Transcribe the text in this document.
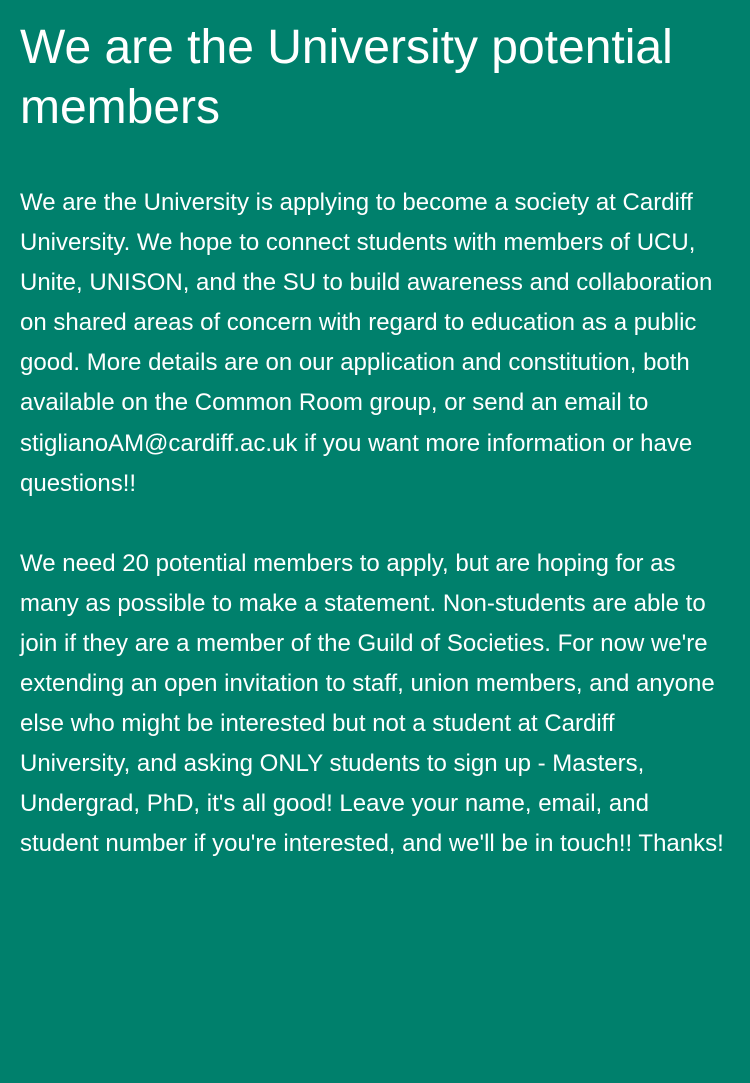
We are the University potential members

We are the University is applying to become a society at Cardiff University. We hope to connect students with members of UCU, Unite, UNISON, and the SU to build awareness and collaboration on shared areas of concern with regard to education as a public good. More details are on our application and constitution, both available on the Common Room group, or send an email to stiglianoAM@cardiff.ac.uk if you want more information or have questions!!

We need 20 potential members to apply, but are hoping for as many as possible to make a statement. Non-students are able to join if they are a member of the Guild of Societies. For now we're extending an open invitation to staff, union members, and anyone else who might be interested but not a student at Cardiff University, and asking ONLY students to sign up - Masters, Undergrad, PhD, it's all good! Leave your name, email, and student number if you're interested, and we'll be in touch!! Thanks!
